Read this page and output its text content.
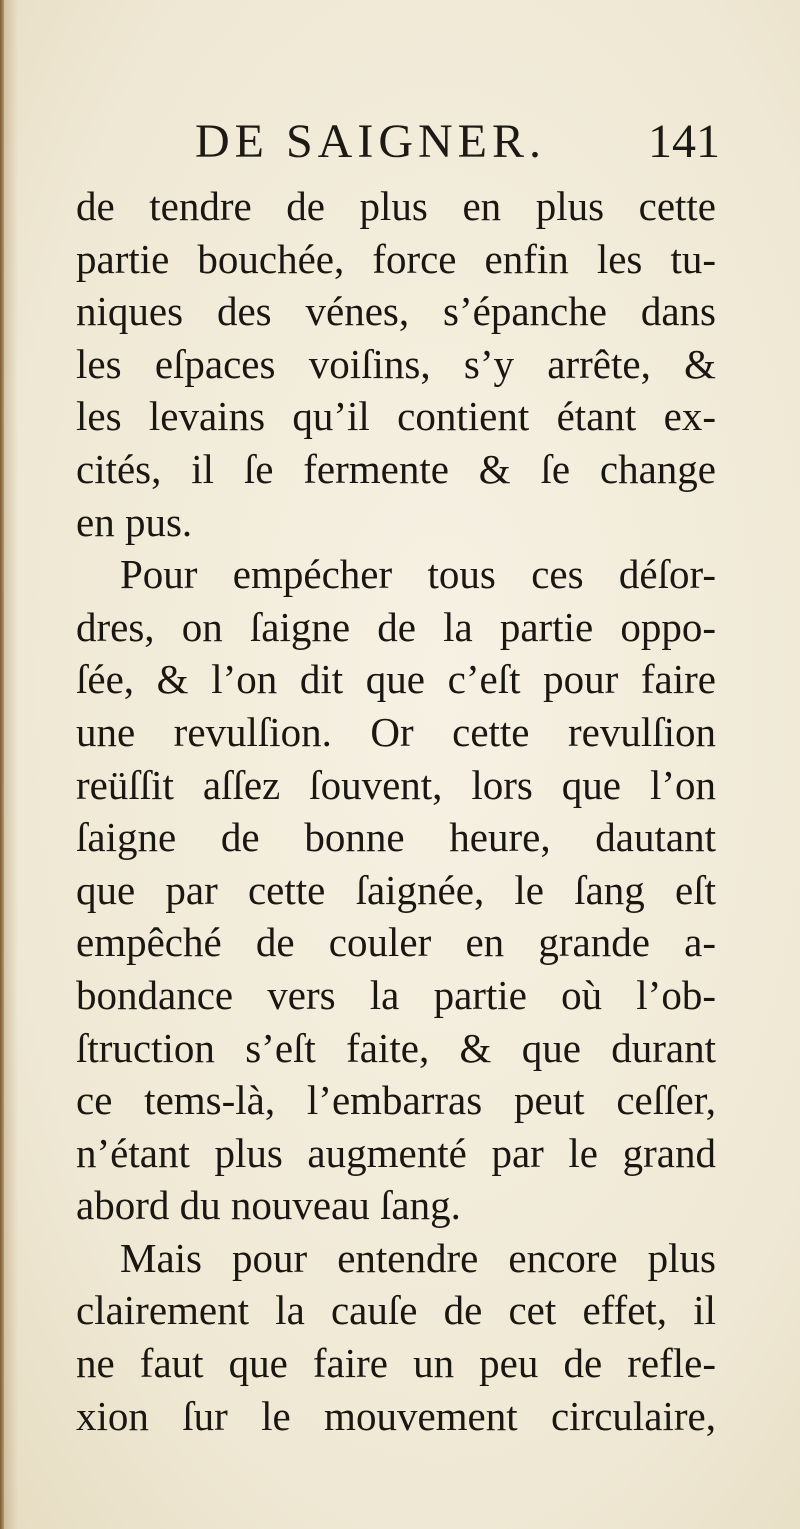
DE SAIGNER. 141
de tendre de plus en plus cette
partie bouchée, force enfin les tu-
niques des vénes, s’épanche dans
les eſpaces voiſins, s’y arrête, &
les levains qu’il contient étant ex-
cités, il ſe fermente & ſe change
en pus.
Pour empécher tous ces déſor-
dres, on ſaigne de la partie oppo-
ſée, & l’on dit que c’eſt pour faire
une revulſion. Or cette revulſion
reüſſit aſſez ſouvent, lors que l’on
ſaigne de bonne heure, dautant
que par cette ſaignée, le ſang eſt
empêché de couler en grande a-
bondance vers la partie où l’ob-
ſtruction s’eſt faite, & que durant
ce tems-là, l’embarras peut ceſſer,
n’étant plus augmenté par le grand
abord du nouveau ſang.
Mais pour entendre encore plus
clairement la cauſe de cet effet, il
ne faut que faire un peu de refle-
xion ſur le mouvement circulaire,
